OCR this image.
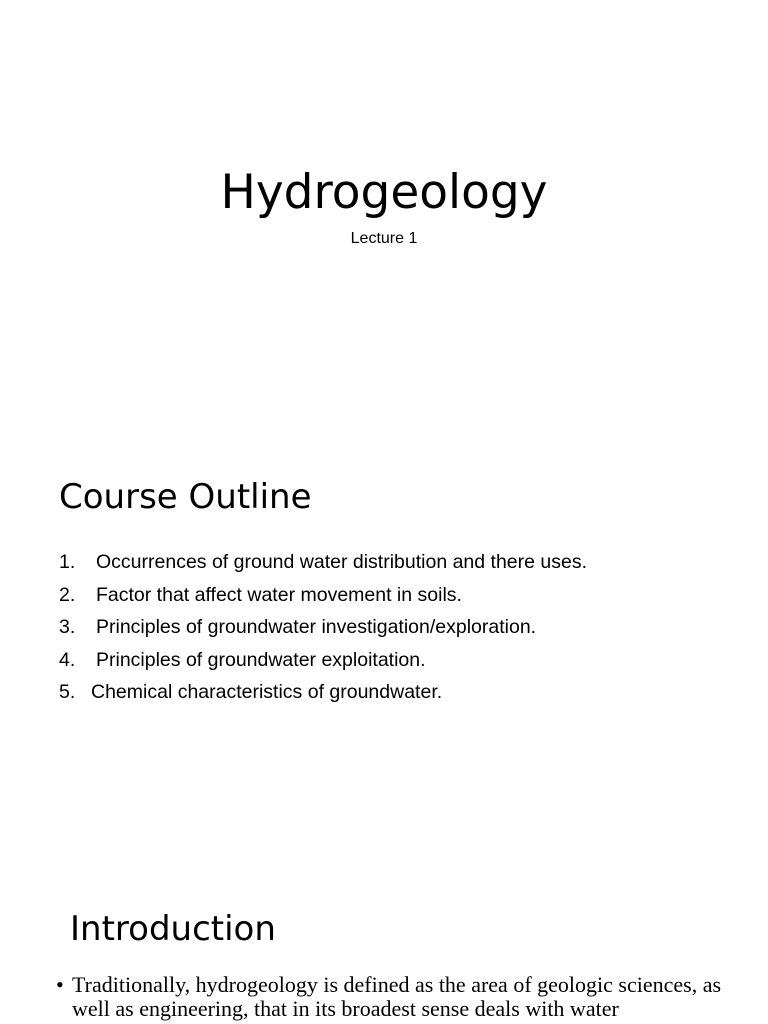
Hydrogeology

Lecture 1

Course Outline
1. Occurrences of ground water distribution and there uses.
2. Factor that affect water movement in soils.
3. Principles of groundwater investigation/exploration.
4. Principles of groundwater exploitation.
5. Chemical characteristics of groundwater.
Introduction
• Traditionally, hydrogeology is defined as the area of geologic sciences, as well as engineering, that in its broadest sense deals with water
